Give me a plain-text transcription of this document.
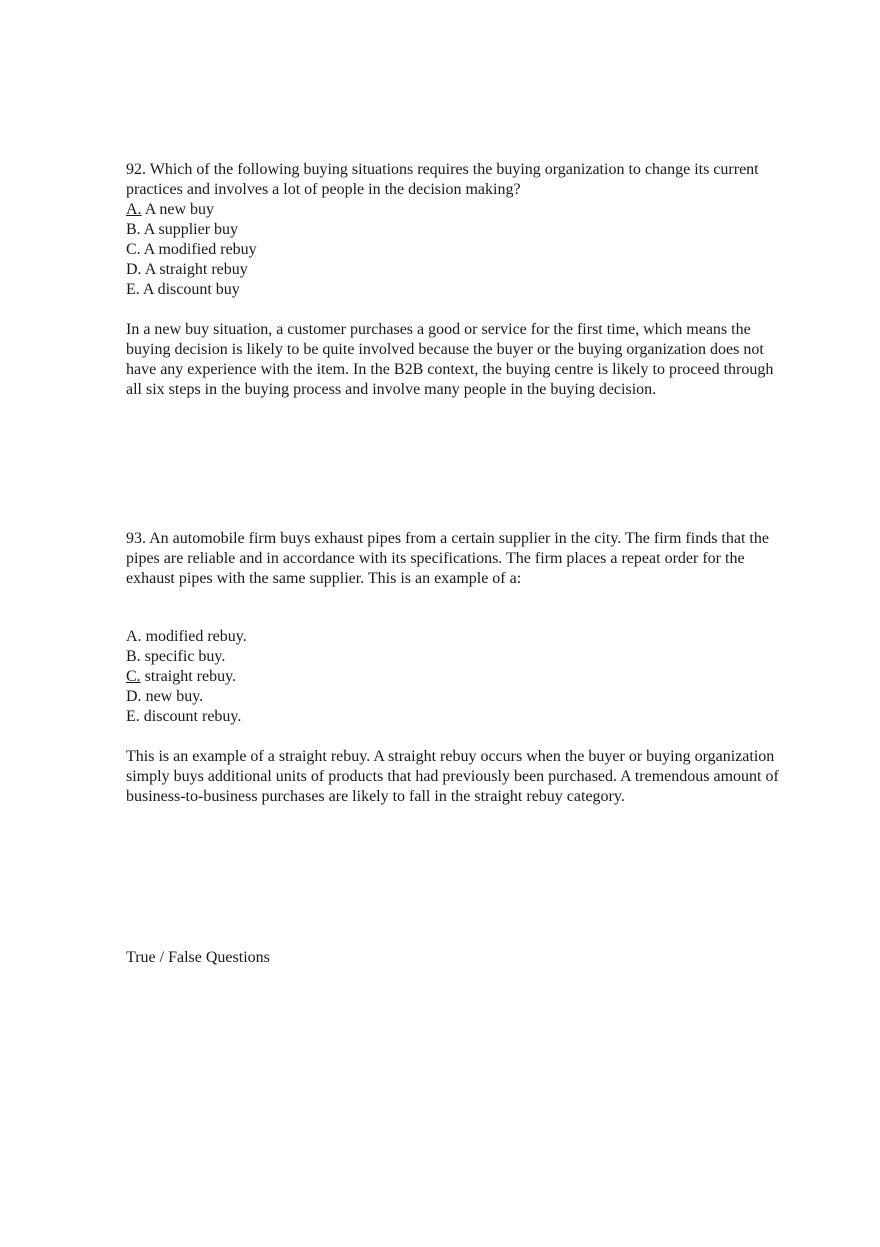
92. Which of the following buying situations requires the buying organization to change its current practices and involves a lot of people in the decision making?

A. A new buy

B. A supplier buy

C. A modified rebuy

D. A straight rebuy

E. A discount buy

In a new buy situation, a customer purchases a good or service for the first time, which means the buying decision is likely to be quite involved because the buyer or the buying organization does not have any experience with the item. In the B2B context, the buying centre is likely to proceed through all six steps in the buying process and involve many people in the buying decision.

93. An automobile firm buys exhaust pipes from a certain supplier in the city. The firm finds that the pipes are reliable and in accordance with its specifications. The firm places a repeat order for the exhaust pipes with the same supplier. This is an example of a:

A. modified rebuy.

B. specific buy.

C. straight rebuy.

D. new buy.

E. discount rebuy.

This is an example of a straight rebuy. A straight rebuy occurs when the buyer or buying organization simply buys additional units of products that had previously been purchased. A tremendous amount of business-to-business purchases are likely to fall in the straight rebuy category.

True / False Questions
